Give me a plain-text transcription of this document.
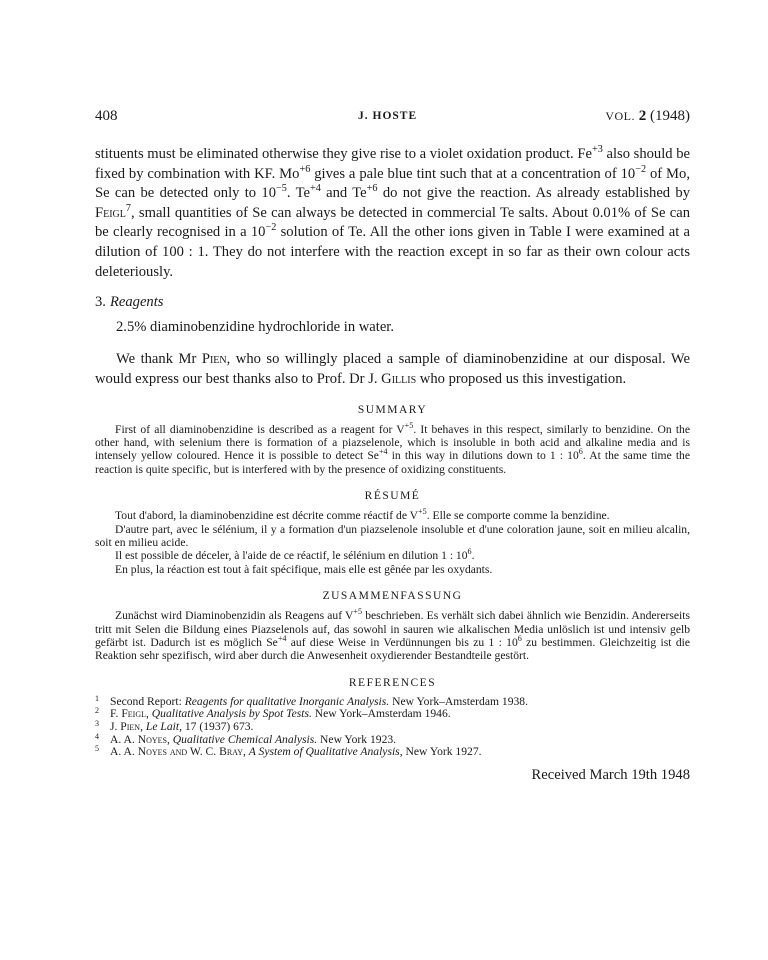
408	J. HOSTE	VOL. 2 (1948)

stituents must be eliminated otherwise they give rise to a violet oxidation product. $Fe^{+3}$ also should be fixed by combination with KF. $Mo^{+6}$ gives a pale blue tint such that at a concentration of $10^{-2}$ of Mo, Se can be detected only to $10^{-5}$. $Te^{+4}$ and $Te^{+6}$ do not give the reaction. As already established by Feigl$^7$, small quantities of Se can always be detected in commercial Te salts. About 0.01% of Se can be clearly recognised in a $10^{-2}$ solution of Te. All the other ions given in Table I were examined at a dilution of 100 : 1. They do not interfere with the reaction except in so far as their own colour acts deleteriously.

3. Reagents

2.5% diaminobenzidine hydrochloride in water.

We thank Mr Pien, who so willingly placed a sample of diaminobenzidine at our disposal. We would express our best thanks also to Prof. Dr J. Gillis who proposed us this investigation.

SUMMARY

First of all diaminobenzidine is described as a reagent for $V^{+5}$. It behaves in this respect, similarly to benzidine. On the other hand, with selenium there is formation of a piazselenole, which is insoluble in both acid and alkaline media and is intensely yellow coloured. Hence it is possible to detect $Se^{+4}$ in this way in dilutions down to 1 : $10^6$. At the same time the reaction is quite specific, but is interfered with by the presence of oxidizing constituents.

RÉSUMÉ

Tout d'abord, la diaminobenzidine est décrite comme réactif de $V^{+5}$. Elle se comporte comme la benzidine.

D'autre part, avec le sélénium, il y a formation d'un piazselenole insoluble et d'une coloration jaune, soit en milieu alcalin, soit en milieu acide.

Il est possible de déceler, à l'aide de ce réactif, le sélénium en dilution 1 : $10^6$.

En plus, la réaction est tout à fait spécifique, mais elle est gênée par les oxydants.

ZUSAMMENFASSUNG

Zunächst wird Diaminobenzidin als Reagens auf $V^{+5}$ beschrieben. Es verhält sich dabei ähnlich wie Benzidin. Andererseits tritt mit Selen die Bildung eines Piazselenols auf, das sowohl in sauren wie alkalischen Media unlöslich ist und intensiv gelb gefärbt ist. Dadurch ist es möglich $Se^{+4}$ auf diese Weise in Verdünnungen bis zu 1 : $10^6$ zu bestimmen. Gleichzeitig ist die Reaktion sehr spezifisch, wird aber durch die Anwesenheit oxydierender Bestandteile gestört.

REFERENCES
1 Second Report: Reagents for qualitative Inorganic Analysis. New York–Amsterdam 1938.
2 F. Feigl, Qualitative Analysis by Spot Tests. New York–Amsterdam 1946.
3 J. Pien, Le Lait, 17 (1937) 673.
4 A. A. Noyes, Qualitative Chemical Analysis. New York 1923.
5 A. A. Noyes and W. C. Bray, A System of Qualitative Analysis, New York 1927.
Received March 19th 1948
